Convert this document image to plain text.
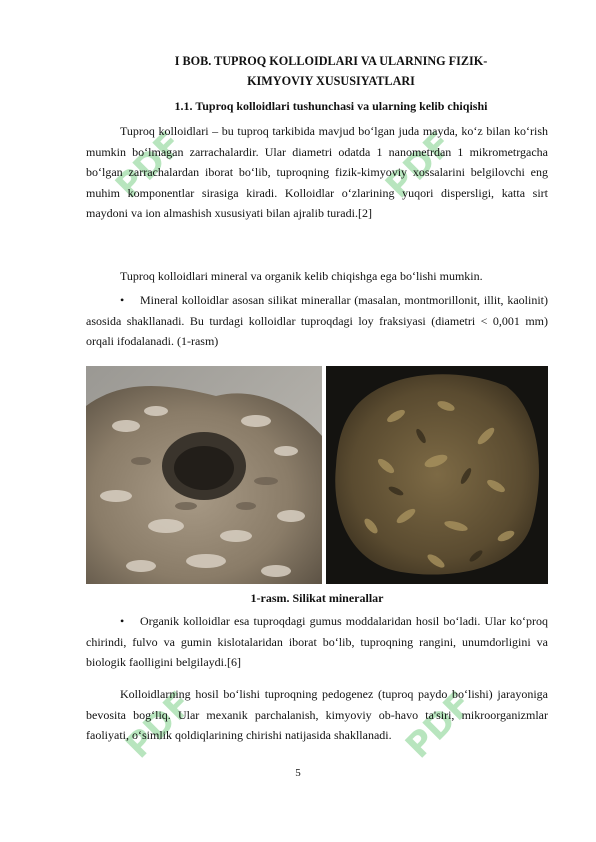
PDF	PDF
PDF	PDF
I BOB. TUPROQ KOLLOIDLARI VA ULARNING FIZIK-
KIMYOVIY XUSUSIYATLARI
1.1. Tuproq kolloidlari tushunchasi va ularning kelib chiqishi
Tuproq kolloidlari – bu tuproq tarkibida mavjud bo‘lgan juda mayda, ko‘z bilan ko‘rish mumkin bo‘lmagan zarrachalardir. Ular diametri odatda 1 nanometrdan 1 mikrometrgacha bo‘lgan zarrachalardan iborat bo‘lib, tuproqning fizik-kimyoviy xossalarini belgilovchi eng muhim komponentlar sirasiga kiradi. Kolloidlar o‘zlarining yuqori dispersligi, katta sirt maydoni va ion almashish xususiyati bilan ajralib turadi.[2]
Tuproq kolloidlari mineral va organik kelib chiqishga ega bo‘lishi mumkin.
• Mineral kolloidlar asosan silikat minerallar (masalan, montmorillonit, illit, kaolinit) asosida shakllanadi. Bu turdagi kolloidlar tuproqdagi loy fraksiyasi (diametri < 0,001 mm) orqali ifodalanadi. (1-rasm)
1-rasm. Silikat minerallar
• Organik kolloidlar esa tuproqdagi gumus moddalaridan hosil bo‘ladi. Ular ko‘proq chirindi, fulvo va gumin kislotalaridan iborat bo‘lib, tuproqning rangini, unumdorligini va biologik faolligini belgilaydi.[6]
Kolloidlarning hosil bo‘lishi tuproqning pedogenez (tuproq paydo bo‘lishi) jarayoniga bevosita bog‘liq. Ular mexanik parchalanish, kimyoviy ob-havo ta'siri, mikroorganizmlar faoliyati, o‘simlik qoldiqlarining chirishi natijasida shakllanadi.
5
